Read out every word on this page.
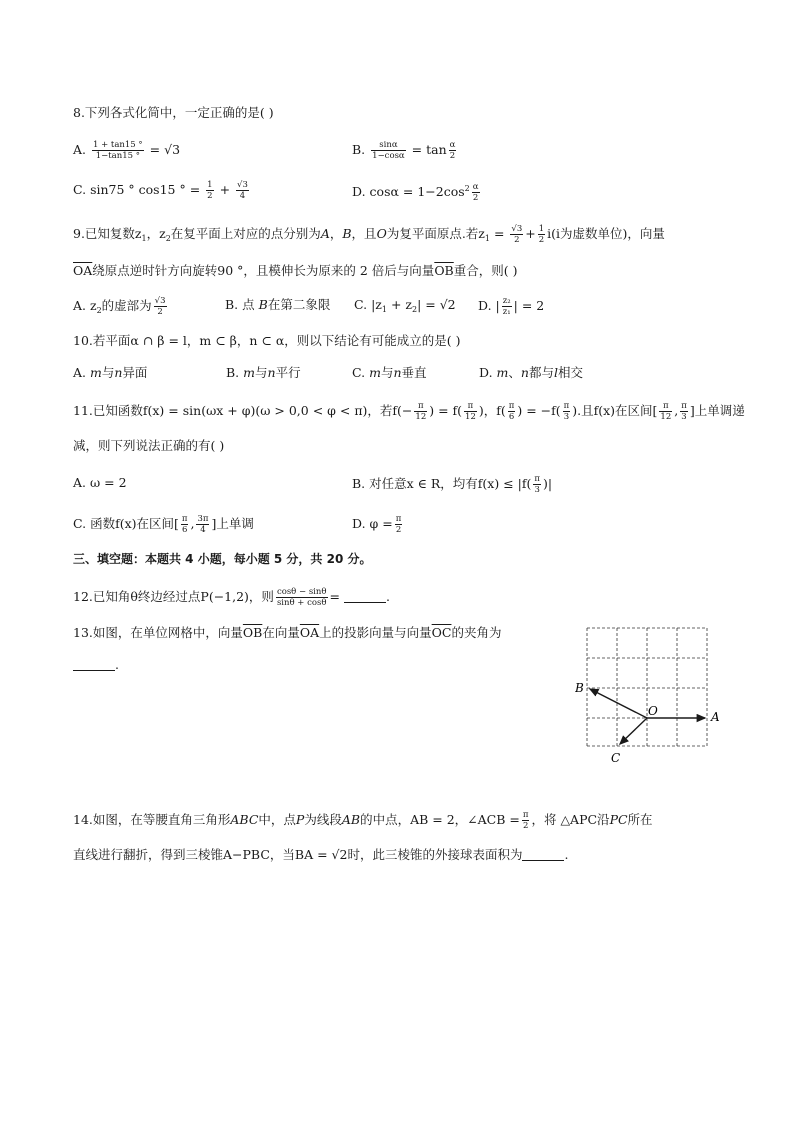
8.下列各式化简中，一定正确的是( )
A. $\frac{1 + \tan 15 ^\circ}{1-\tan 15 ^\circ} = √3$	B. $\frac{\sin\alpha}{1-\cos\alpha} = \tan \frac{\alpha}{2}$
C. sin75 ° cos15 ° = $\frac{1}{2} + \frac{√3}{4}$	D. $\cos\alpha = 1-2\cos^2 \frac{\alpha}{2}$
9.已知复数$z_1$，$z_2$在复平面上对应的点分别为A，B，且O为复平面原点.若$z_1 = \frac{√3}{2} + \frac{1}{2} i(i$为虚数单位)，向量
$\overline{OA}$绕原点逆时针方向旋转90 °，且模伸长为原来的 2 倍后与向量$\overline{OB}$重合，则( )
A. $z_2$的虚部为 $\frac{√3}{2}$	B. 点 B在第二象限 C. $|z_1 + z_2| = √2$ D. | $\frac{\text{z₂}}{\text{z₁}}$ | = 2
10.若平面α ∩ β = l，m ⊂ β，n ⊂ α，则以下结论有可能成立的是( )
A. m与n异面	B. m与n平行	C. m与n垂直	D. m、n都与l相交
11.已知函数f(x) = sin(ωx + φ)(ω > 0,0 < φ < π)，若$f(- \frac{\pi}{12}$ ) = $f( \frac{\pi}{12}$ )，$f( \frac{\pi}{6}$ ) = $-f( \frac{\pi}{3}$ ).且f(x)在区间[ $\frac{\pi}{12}$ , $\frac{\pi}{3}$ ]上单调递
减，则下列说法正确的有( )
A. ω = 2	B. 对任意x ∈ R，均有$f(x) \le |f( \frac{\pi}{3}$ )|
C. 函数f(x)在区间[ $\frac{\pi}{6}$ , $\frac{3\pi}{4}$ ]上单调	D. $\varphi = \frac{\pi}{2}$
三、填空题：本题共 4 小题，每小题 5 分，共 20 分。
12.已知角θ终边经过点P(−1,2)，则 $\frac{\cos\theta - \sin\theta}{\sin\theta + \cos\theta}$ =	.
13.如图，在单位网格中，向量$\overline{OB}$在向量$\overline{OA}$上的投影向量与向量$\overline{OC}$的夹角为
.
B
O	A
C
14.如图，在等腰直角三角形ABC中，点P为线段AB的中点，AB = 2，∠ACB = $\frac{\pi}{2}$ ，将 △APC沿PC所在
直线进行翻折，得到三棱锥A−PBC，当BA = √2时，此三棱锥的外接球表面积为	.
